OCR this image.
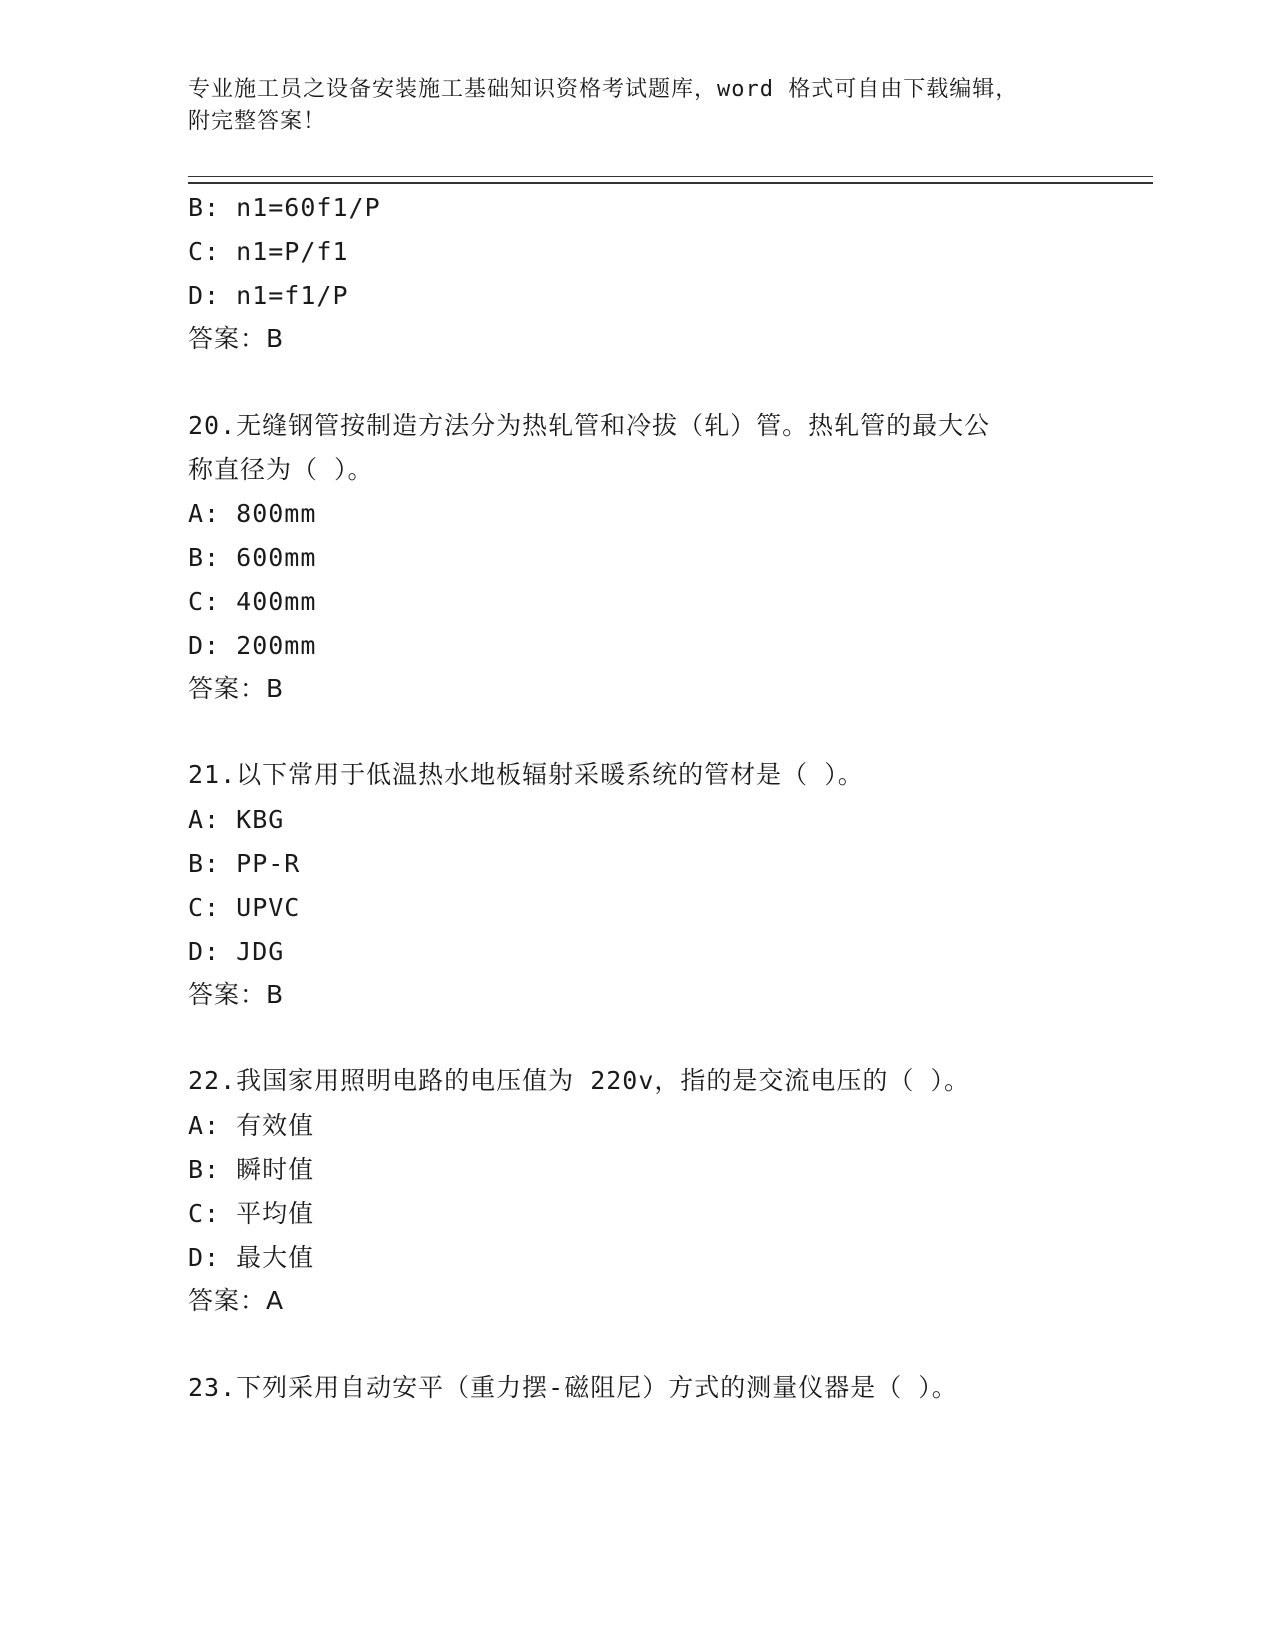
专业施工员之设备安装施工基础知识资格考试题库，word 格式可自由下载编辑，
附完整答案！
B: n1=60f1/P
C: n1=P/f1
D: n1=f1/P
答案：B
20.无缝钢管按制造方法分为热轧管和冷拔（轧）管。热轧管的最大公
称直径为（ ）。
A: 800mm
B: 600mm
C: 400mm
D: 200mm
答案：B
21.以下常用于低温热水地板辐射采暖系统的管材是（ ）。
A: KBG
B: PP-R
C: UPVC
D: JDG
答案：B
22.我国家用照明电路的电压值为 220v，指的是交流电压的（ ）。
A: 有效值
B: 瞬时值
C: 平均值
D: 最大值
答案：A
23.下列采用自动安平（重力摆-磁阻尼）方式的测量仪器是（ ）。
